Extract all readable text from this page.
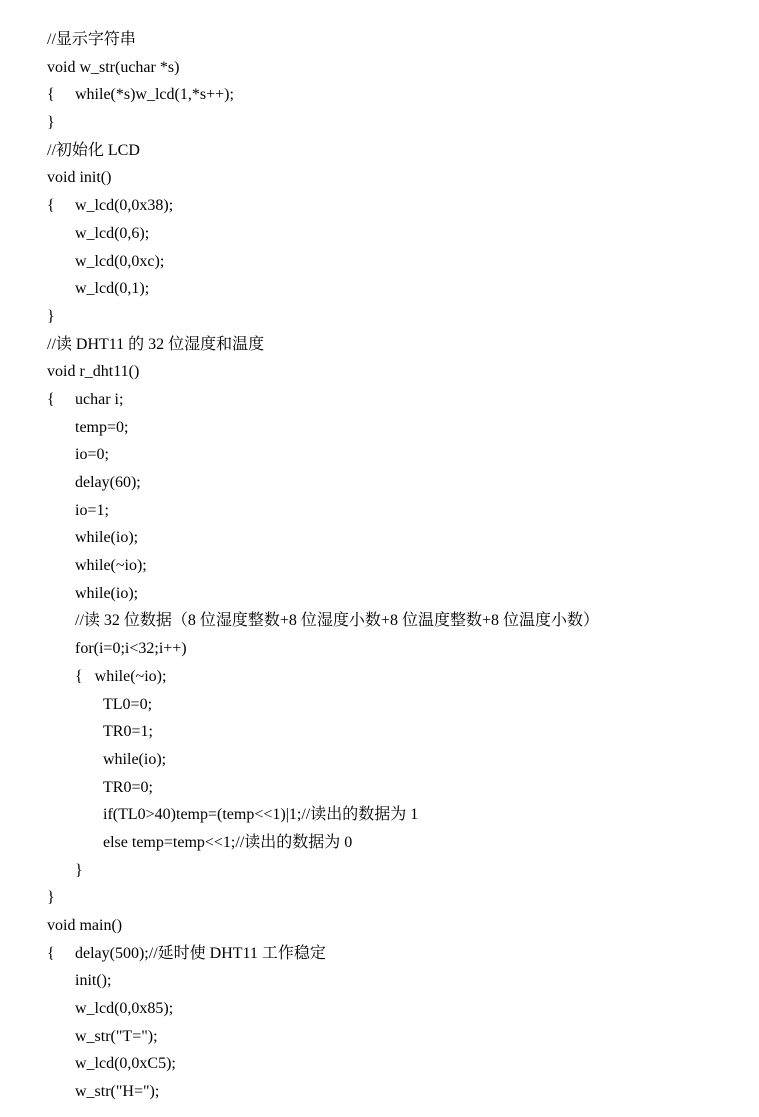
//显示字符串
void w_str(uchar *s)
{ while(*s)w_lcd(1,*s++);
}
//初始化 LCD
void init()
{ w_lcd(0,0x38);
w_lcd(0,6);
w_lcd(0,0xc);
w_lcd(0,1);
}
//读 DHT11 的 32 位湿度和温度
void r_dht11()
{ uchar i;
temp=0;
io=0;
delay(60);
io=1;
while(io);
while(~io);
while(io);
//读 32 位数据（8 位湿度整数+8 位湿度小数+8 位温度整数+8 位温度小数）
for(i=0;i<32;i++)
{   while(~io);
TL0=0;
TR0=1;
while(io);
TR0=0;
if(TL0>40)temp=(temp<<1)|1;//读出的数据为 1
else temp=temp<<1;//读出的数据为 0
}
}
void main()
{ delay(500);//延时使 DHT11 工作稳定
init();
w_lcd(0,0x85);
w_str("T=");
w_lcd(0,0xC5);
w_str("H=");
